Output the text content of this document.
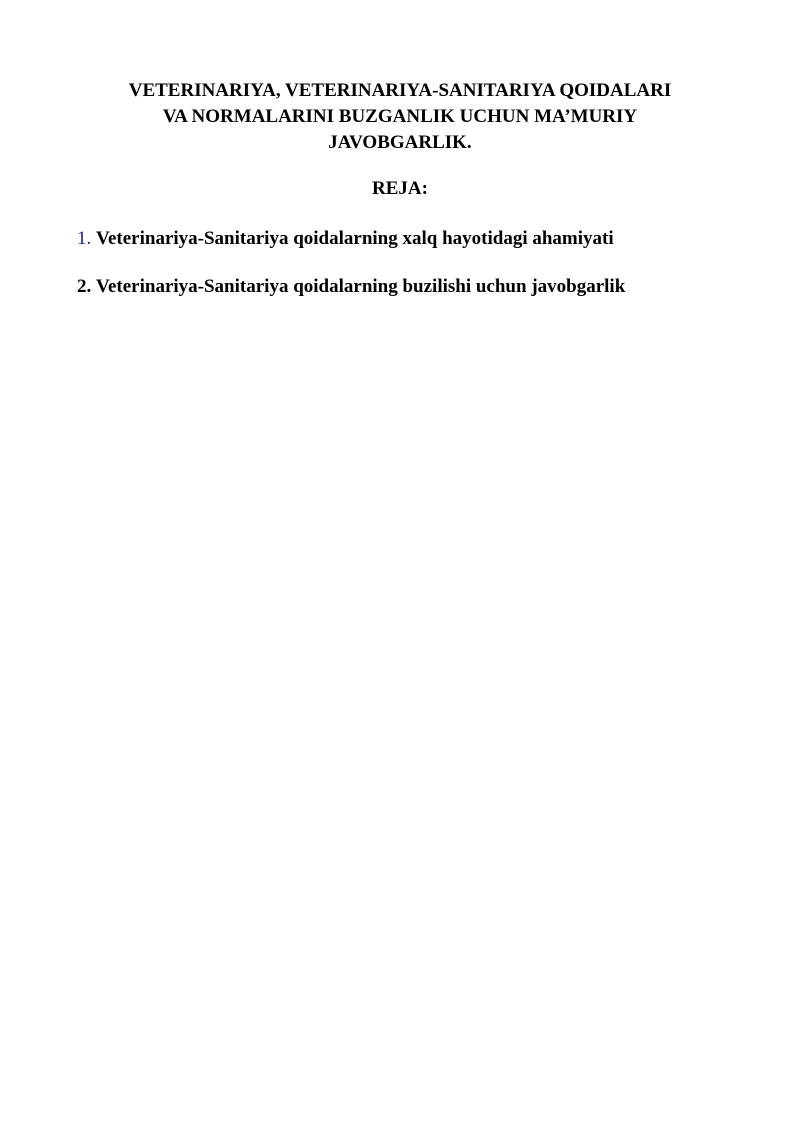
VETERINARIYA, VETERINARIYA-SANITARIYA QOIDALARI
VA NORMALARINI BUZGANLIK UCHUN MA’MURIY
JAVOBGARLIK.
REJA:

1. Veterinariya-Sanitariya qoidalarning xalq hayotidagi ahamiyati

2. Veterinariya-Sanitariya qoidalarning buzilishi uchun javobgarlik
